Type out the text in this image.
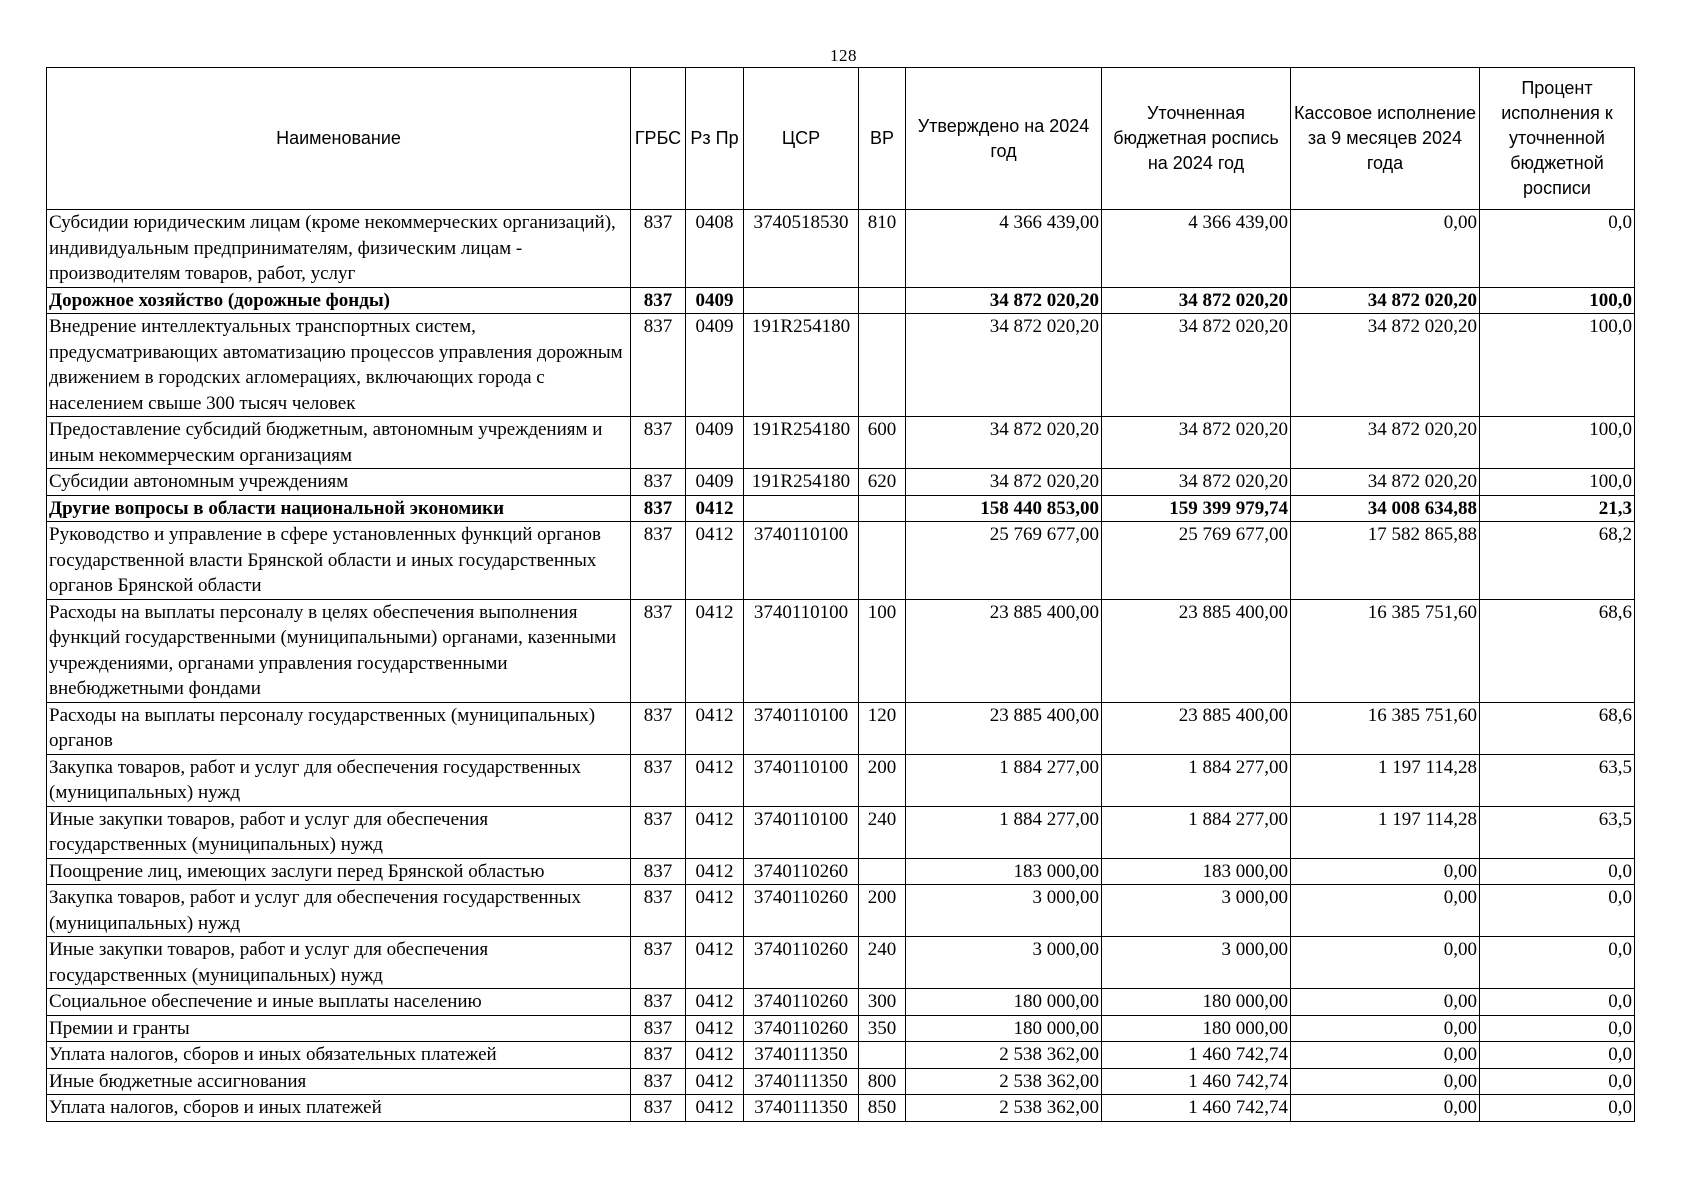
128
Наименование	ГРБС	Рз Пр	ЦСР	ВР	Утверждено на 2024 год	Уточненная бюджетная роспись на 2024 год	Кассовое исполнение за 9 месяцев 2024 года	Процент исполнения к уточненной бюджетной росписи
Субсидии юридическим лицам (кроме некоммерческих организаций), индивидуальным предпринимателям, физическим лицам - производителям товаров, работ, услуг	837	0408	3740518530	810	4 366 439,00	4 366 439,00	0,00	0,0
Дорожное хозяйство (дорожные фонды)	837	0409			34 872 020,20	34 872 020,20	34 872 020,20	100,0
Внедрение интеллектуальных транспортных систем, предусматривающих автоматизацию процессов управления дорожным движением в городских агломерациях, включающих города с населением свыше 300 тысяч человек	837	0409	191R254180		34 872 020,20	34 872 020,20	34 872 020,20	100,0
Предоставление субсидий бюджетным, автономным учреждениям и иным некоммерческим организациям	837	0409	191R254180	600	34 872 020,20	34 872 020,20	34 872 020,20	100,0
Субсидии автономным учреждениям	837	0409	191R254180	620	34 872 020,20	34 872 020,20	34 872 020,20	100,0
Другие вопросы в области национальной экономики	837	0412			158 440 853,00	159 399 979,74	34 008 634,88	21,3
Руководство и управление в сфере установленных функций органов государственной власти Брянской области и иных государственных органов Брянской области	837	0412	3740110100		25 769 677,00	25 769 677,00	17 582 865,88	68,2
Расходы на выплаты персоналу в целях обеспечения выполнения функций государственными (муниципальными) органами, казенными учреждениями, органами управления государственными внебюджетными фондами	837	0412	3740110100	100	23 885 400,00	23 885 400,00	16 385 751,60	68,6
Расходы на выплаты персоналу государственных (муниципальных) органов	837	0412	3740110100	120	23 885 400,00	23 885 400,00	16 385 751,60	68,6
Закупка товаров, работ и услуг для обеспечения государственных (муниципальных) нужд	837	0412	3740110100	200	1 884 277,00	1 884 277,00	1 197 114,28	63,5
Иные закупки товаров, работ и услуг для обеспечения государственных (муниципальных) нужд	837	0412	3740110100	240	1 884 277,00	1 884 277,00	1 197 114,28	63,5
Поощрение лиц, имеющих заслуги перед Брянской областью	837	0412	3740110260		183 000,00	183 000,00	0,00	0,0
Закупка товаров, работ и услуг для обеспечения государственных (муниципальных) нужд	837	0412	3740110260	200	3 000,00	3 000,00	0,00	0,0
Иные закупки товаров, работ и услуг для обеспечения государственных (муниципальных) нужд	837	0412	3740110260	240	3 000,00	3 000,00	0,00	0,0
Социальное обеспечение и иные выплаты населению	837	0412	3740110260	300	180 000,00	180 000,00	0,00	0,0
Премии и гранты	837	0412	3740110260	350	180 000,00	180 000,00	0,00	0,0
Уплата налогов, сборов и иных обязательных платежей	837	0412	3740111350		2 538 362,00	1 460 742,74	0,00	0,0
Иные бюджетные ассигнования	837	0412	3740111350	800	2 538 362,00	1 460 742,74	0,00	0,0
Уплата налогов, сборов и иных платежей	837	0412	3740111350	850	2 538 362,00	1 460 742,74	0,00	0,0
